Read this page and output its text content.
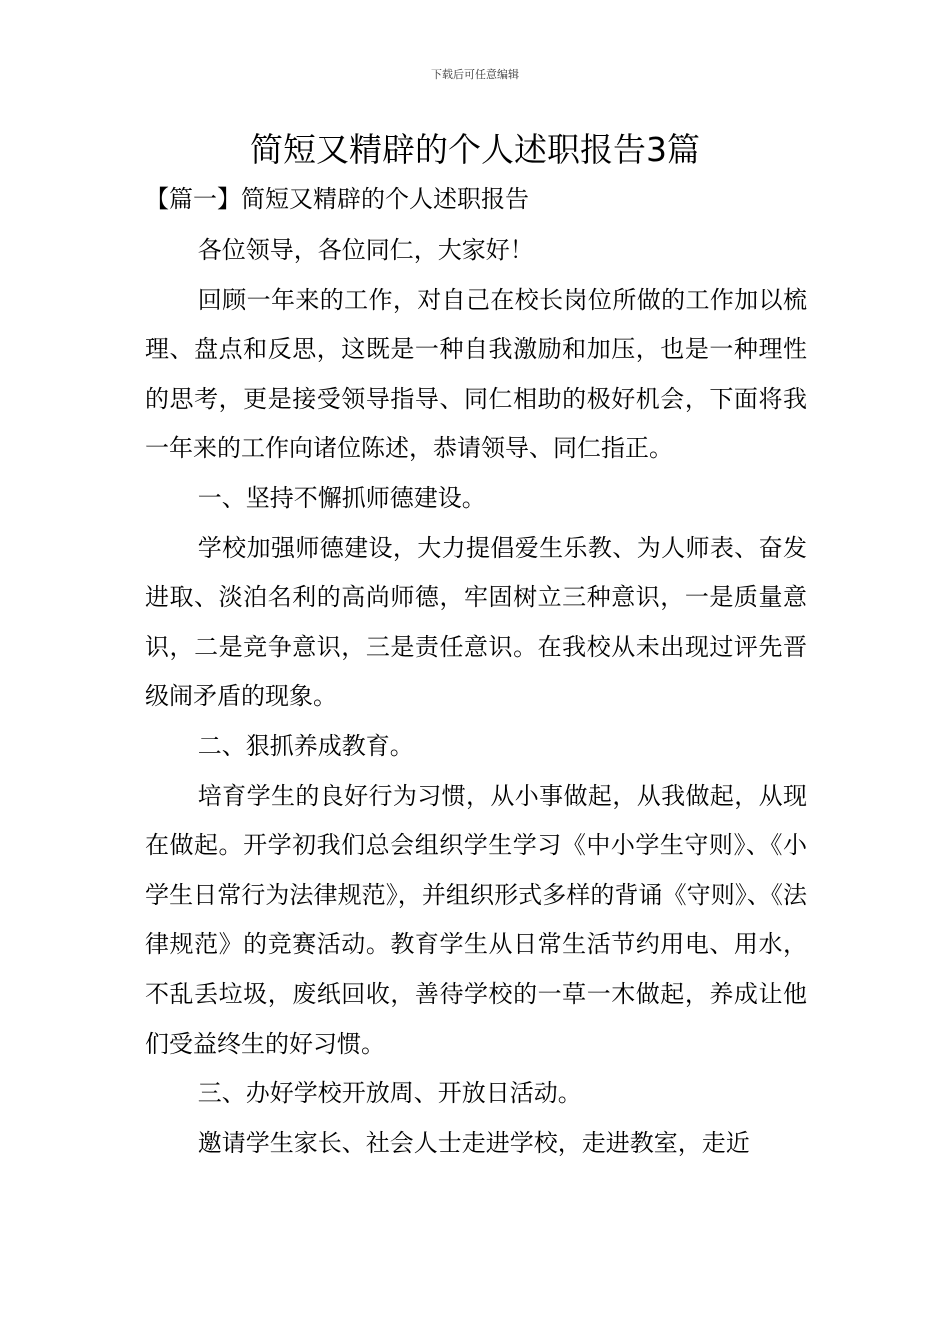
下载后可任意编辑
简短又精辟的个人述职报告3篇
【篇一】简短又精辟的个人述职报告

各位领导，各位同仁，大家好！

回顾一年来的工作，对自己在校长岗位所做的工作加以梳理、盘点和反思，这既是一种自我激励和加压，也是一种理性的思考，更是接受领导指导、同仁相助的极好机会，下面将我一年来的工作向诸位陈述，恭请领导、同仁指正。

一、坚持不懈抓师德建设。

学校加强师德建设，大力提倡爱生乐教、为人师表、奋发进取、淡泊名利的高尚师德，牢固树立三种意识，一是质量意识，二是竞争意识，三是责任意识。在我校从未出现过评先晋级闹矛盾的现象。

二、狠抓养成教育。

培育学生的良好行为习惯，从小事做起，从我做起，从现在做起。开学初我们总会组织学生学习《中小学生守则》、《小学生日常行为法律规范》，并组织形式多样的背诵《守则》、《法律规范》的竞赛活动。教育学生从日常生活节约用电、用水，不乱丢垃圾，废纸回收，善待学校的一草一木做起，养成让他们受益终生的好习惯。

三、办好学校开放周、开放日活动。

邀请学生家长、社会人士走进学校，走进教室，走近
